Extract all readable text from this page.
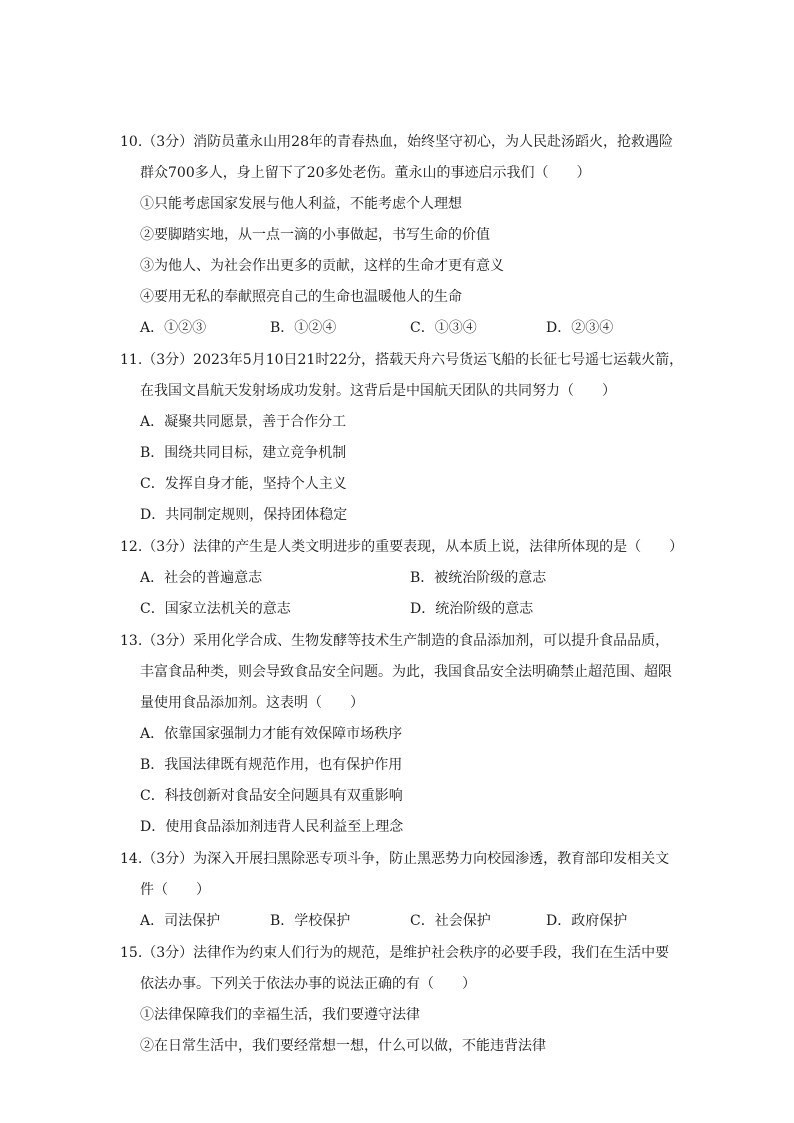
10.（3分）消防员董永山用28年的青春热血，始终坚守初心，为人民赴汤蹈火，抢救遇险
群众700多人，身上留下了20多处老伤。董永山的事迹启示我们（　　）
①只能考虑国家发展与他人利益，不能考虑个人理想
②要脚踏实地，从一点一滴的小事做起，书写生命的价值
③为他人、为社会作出更多的贡献，这样的生命才更有意义
④要用无私的奉献照亮自己的生命也温暖他人的生命
A．①②③	B．①②④	C．①③④	D．②③④
11.（3分）2023年5月10日21时22分，搭载天舟六号货运飞船的长征七号遥七运载火箭，
在我国文昌航天发射场成功发射。这背后是中国航天团队的共同努力（　　）
A．凝聚共同愿景，善于合作分工
B．围绕共同目标，建立竞争机制
C．发挥自身才能，坚持个人主义
D．共同制定规则，保持团体稳定
12.（3分）法律的产生是人类文明进步的重要表现，从本质上说，法律所体现的是（　　）
A．社会的普遍意志	B．被统治阶级的意志
C．国家立法机关的意志	D．统治阶级的意志
13.（3分）采用化学合成、生物发酵等技术生产制造的食品添加剂，可以提升食品品质，
丰富食品种类，则会导致食品安全问题。为此，我国食品安全法明确禁止超范围、超限
量使用食品添加剂。这表明（　　）
A．依靠国家强制力才能有效保障市场秩序
B．我国法律既有规范作用，也有保护作用
C．科技创新对食品安全问题具有双重影响
D．使用食品添加剂违背人民利益至上理念
14.（3分）为深入开展扫黑除恶专项斗争，防止黑恶势力向校园渗透，教育部印发相关文
件（　　）
A．司法保护	B．学校保护	C．社会保护	D．政府保护
15.（3分）法律作为约束人们行为的规范，是维护社会秩序的必要手段，我们在生活中要
依法办事。下列关于依法办事的说法正确的有（　　）
①法律保障我们的幸福生活，我们要遵守法律
②在日常生活中，我们要经常想一想，什么可以做，不能违背法律
